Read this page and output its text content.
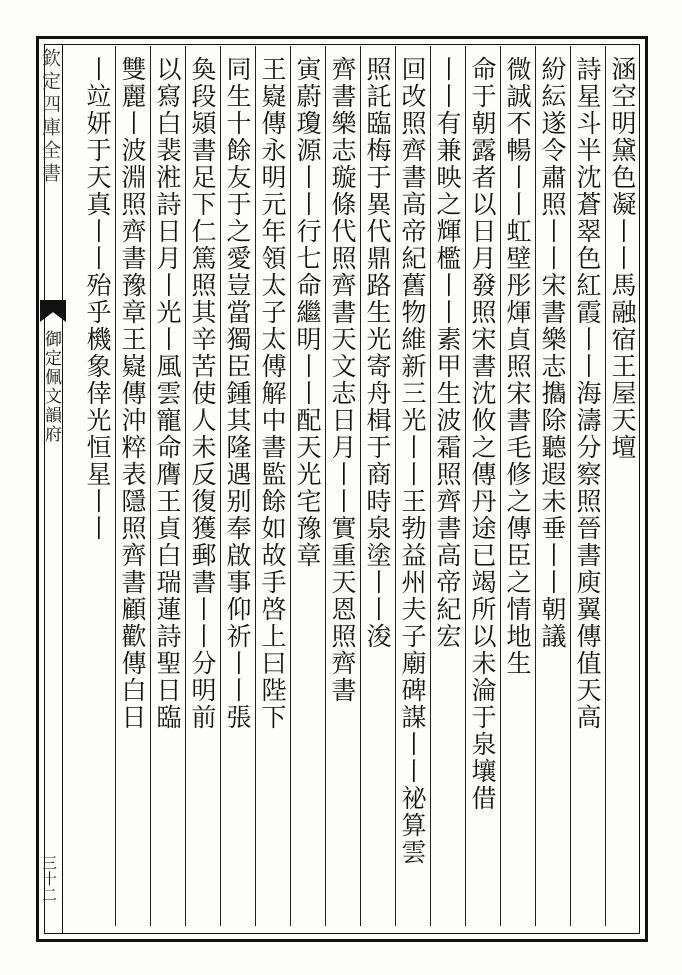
欽定四庫全書
御定佩文韻府
三十二
涵空明黛色凝丨丨馬融宿王屋天壇
詩星斗半沈蒼翠色紅霞丨丨海濤分察照晉書庾翼傳值天高
紛紜遂令肅照丨丨宋書樂志㩦除聽遐未垂丨丨朝議
微誠不暢丨丨虹壁彤煇貞照宋書毛修之傳臣之情地生
命于朝露者以日月發照宋書沈攸之傳丹途已竭所以未淪于泉壤借
丨丨有兼映之輝檻丨丨素甲生波霜照齊書高帝紀宏
回改照齊書高帝紀舊物維新三光丨丨王勃益州夫子廟碑謀丨丨祕算雲
照託臨梅于異代鼎路生光寄舟楫于商時泉塗丨丨浚
齊書樂志璇條代照齊書天文志日月丨丨實重天恩照齊書
寅蔚瓊源丨丨行七命繼明丨丨配天光宅豫章
王嶷傳永明元年領太子太傅解中書監餘如故手啓上曰陛下
同生十餘友于之愛豈當獨臣鍾其隆遇别奉啟事仰祈丨丨張
奐段熲書足下仁篤照其辛苦使人未反復獲郵書丨丨分明前
以寫白裴㴤詩日月丨光丨風雲寵命膺王貞白瑞蓮詩聖日臨
雙麗丨波淵照齊書豫章王嶷傳沖粹表隱照齊書顧歡傳白日
丨竝妍于天真丨丨殆乎機象倖光恒星丨丨
